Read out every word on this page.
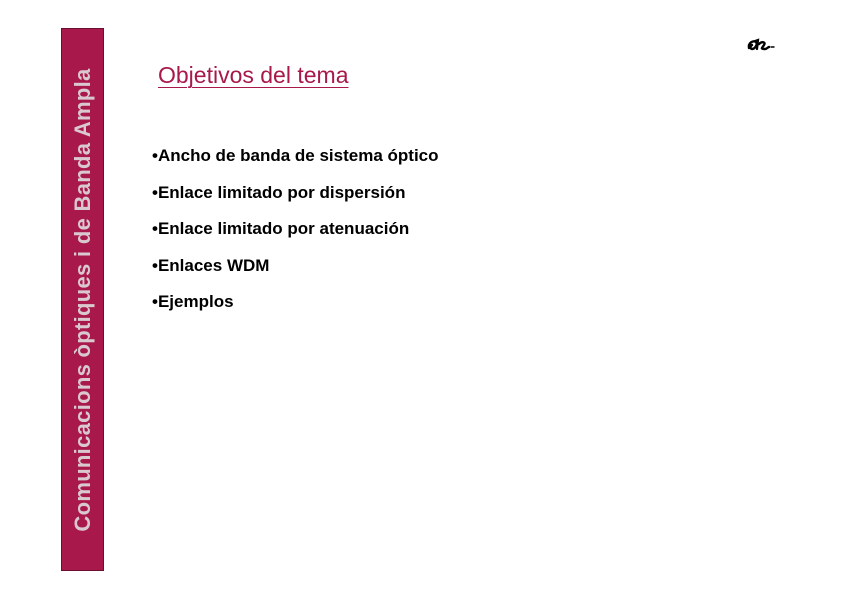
Comunicacions òptiques i de Banda Ampla	Objetivos del tema
•Ancho de banda de sistema óptico
•Enlace limitado por dispersión
•Enlace limitado por atenuación
•Enlaces WDM
•Ejemplos
